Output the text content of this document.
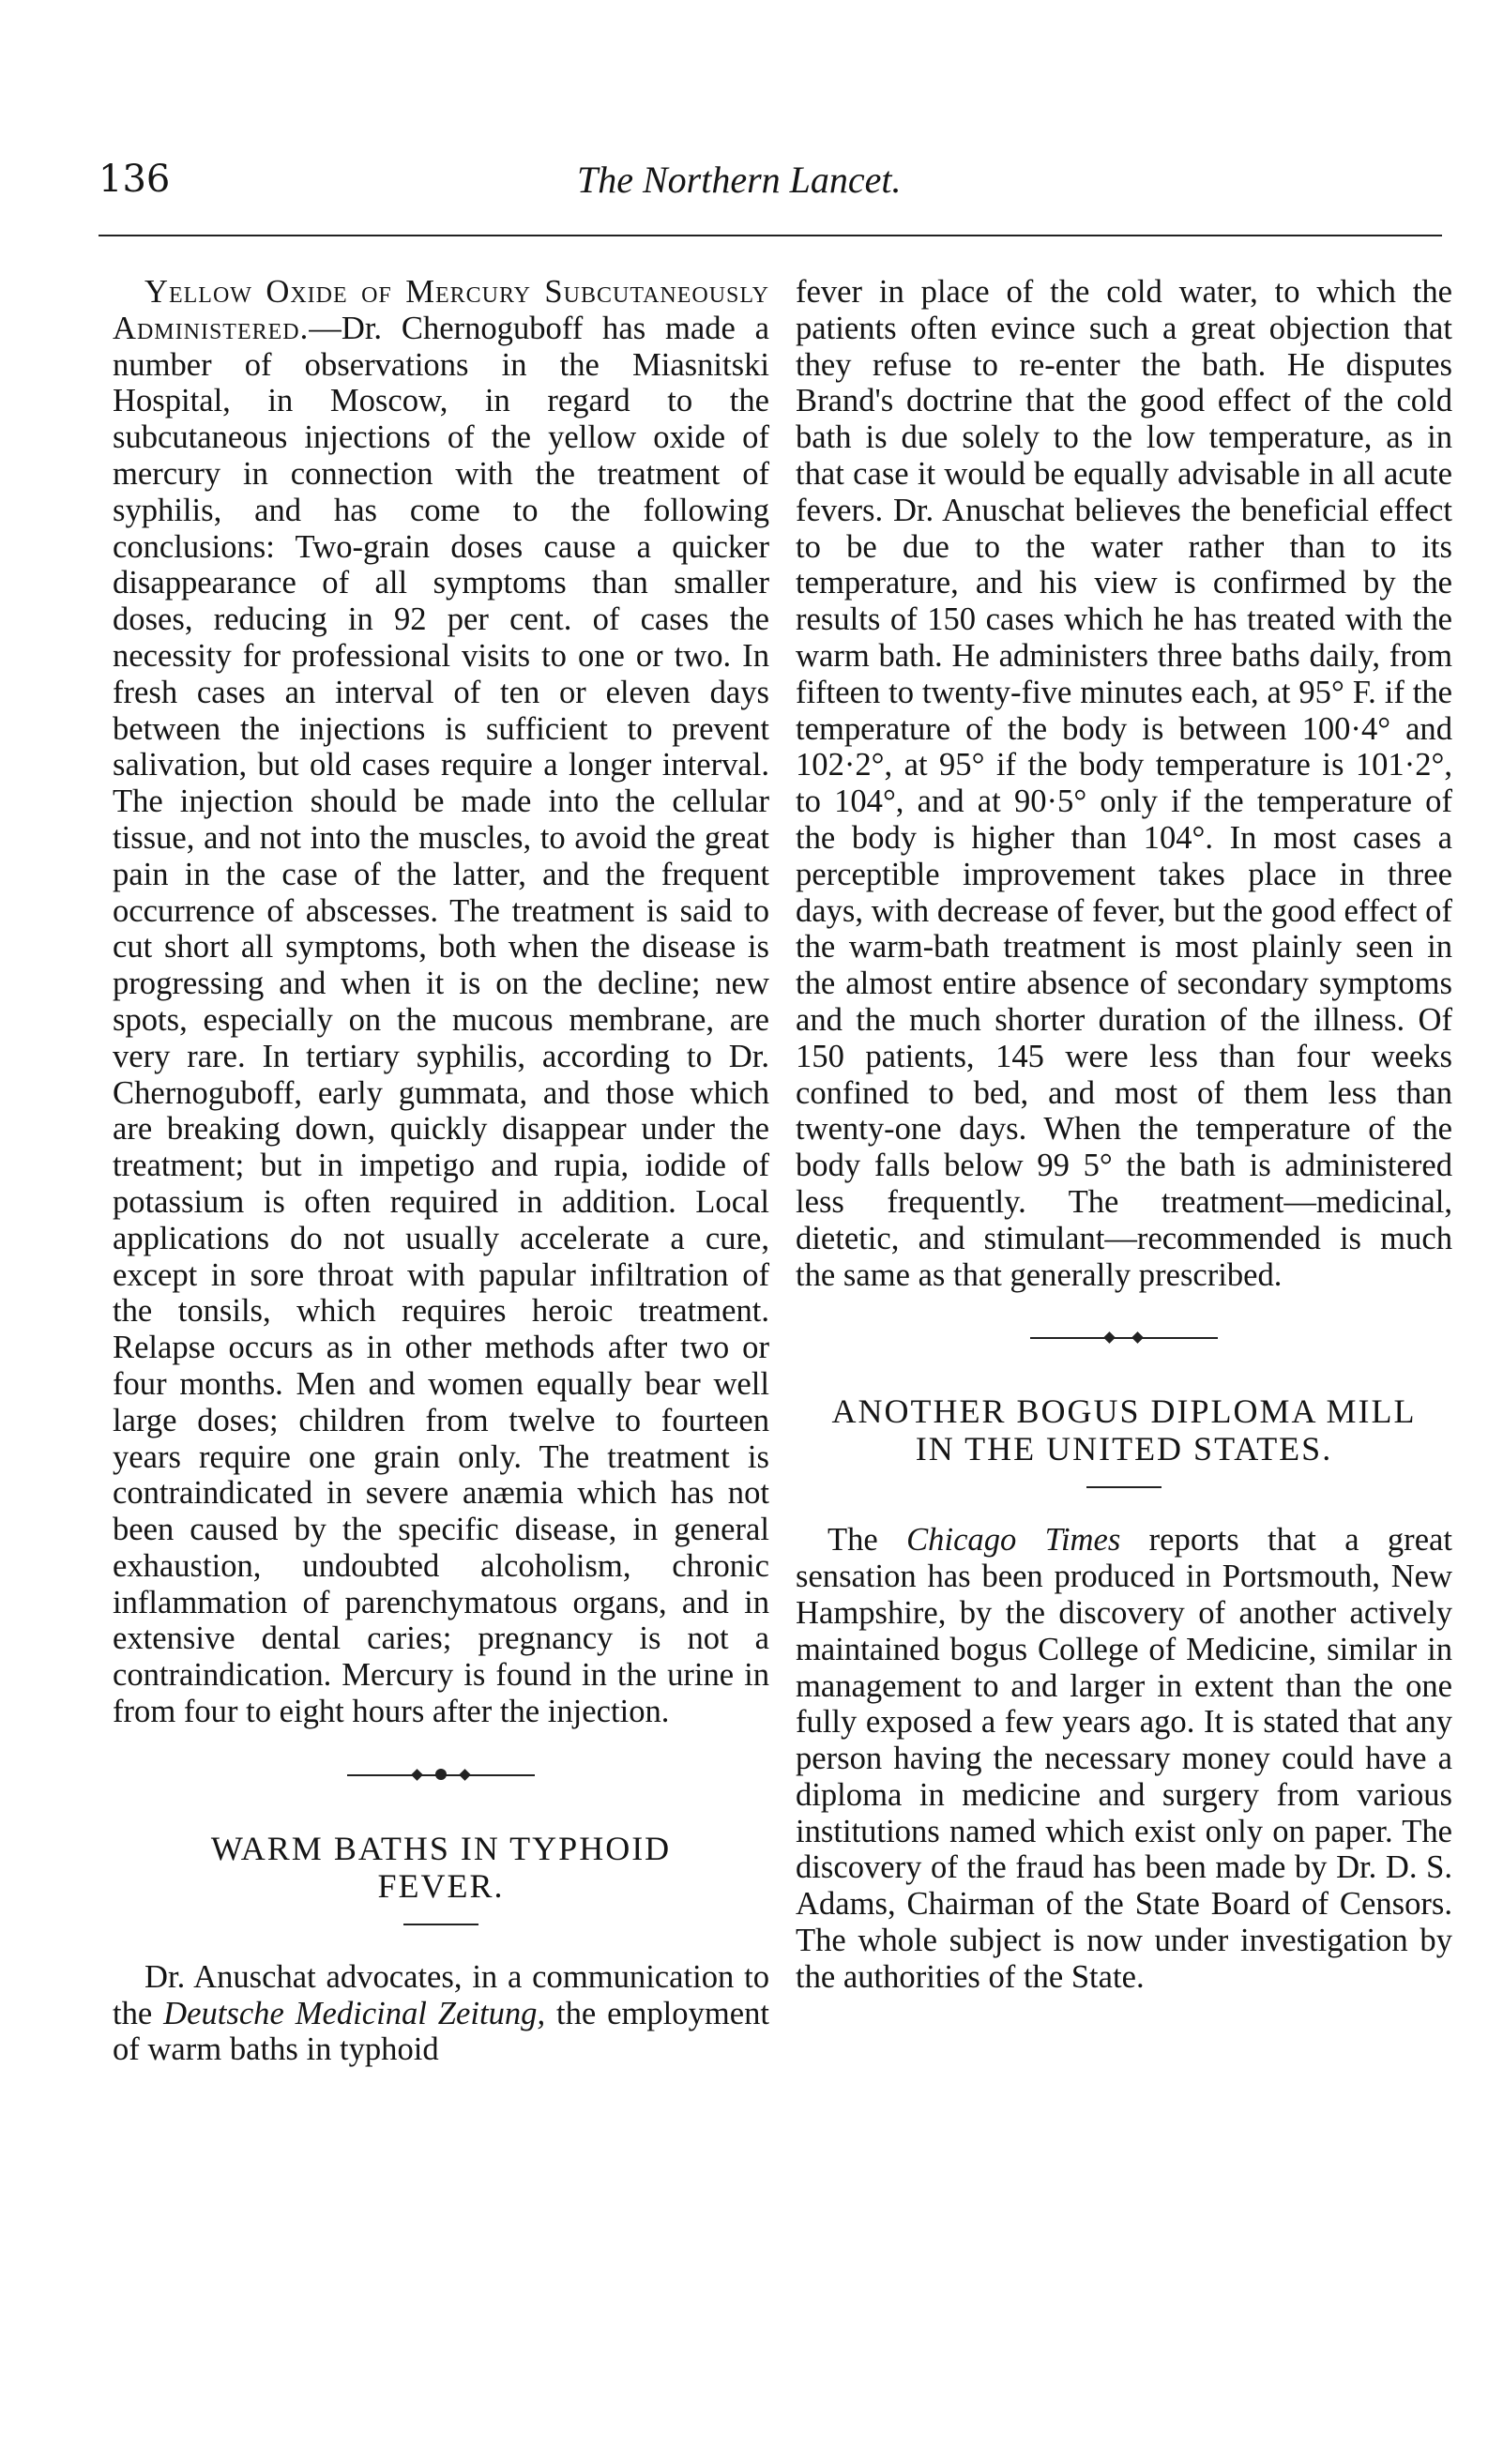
136	The Northern Lancet.

Yellow Oxide of Mercury Subcutaneously Administered.—Dr. Chernoguboff has made a number of observations in the Miasnitski Hospital, in Moscow, in regard to the subcutaneous injections of the yellow oxide of mercury in connection with the treatment of syphilis, and has come to the following conclusions: Two-grain doses cause a quicker disappearance of all symptoms than smaller doses, reducing in 92 per cent. of cases the necessity for professional visits to one or two. In fresh cases an interval of ten or eleven days between the injections is sufficient to prevent salivation, but old cases require a longer interval. The injection should be made into the cellular tissue, and not into the muscles, to avoid the great pain in the case of the latter, and the frequent occurrence of abscesses. The treatment is said to cut short all symptoms, both when the disease is progressing and when it is on the decline; new spots, especially on the mucous membrane, are very rare. In tertiary syphilis, according to Dr. Chernoguboff, early gummata, and those which are breaking down, quickly disappear under the treatment; but in impetigo and rupia, iodide of potassium is often required in addition. Local applications do not usually accelerate a cure, except in sore throat with papular infiltration of the tonsils, which requires heroic treatment. Relapse occurs as in other methods after two or four months. Men and women equally bear well large doses; children from twelve to fourteen years require one grain only. The treatment is contraindicated in severe anæmia which has not been caused by the specific disease, in general exhaustion, undoubted alcoholism, chronic inflammation of parenchymatous organs, and in extensive dental caries; pregnancy is not a contraindication. Mercury is found in the urine in from four to eight hours after the injection.

WARM BATHS IN TYPHOID
FEVER.

Dr. Anuschat advocates, in a communication to the Deutsche Medicinal Zeitung, the employment of warm baths in typhoid

fever in place of the cold water, to which the patients often evince such a great objection that they refuse to re-enter the bath. He disputes Brand's doctrine that the good effect of the cold bath is due solely to the low temperature, as in that case it would be equally advisable in all acute fevers. Dr. Anuschat believes the beneficial effect to be due to the water rather than to its temperature, and his view is confirmed by the results of 150 cases which he has treated with the warm bath. He administers three baths daily, from fifteen to twenty-five minutes each, at 95° F. if the temperature of the body is between 100·4° and 102·2°, at 95° if the body temperature is 101·2°, to 104°, and at 90·5° only if the temperature of the body is higher than 104°. In most cases a perceptible improvement takes place in three days, with decrease of fever, but the good effect of the warm-bath treatment is most plainly seen in the almost entire absence of secondary symptoms and the much shorter duration of the illness. Of 150 patients, 145 were less than four weeks confined to bed, and most of them less than twenty-one days. When the temperature of the body falls below 99 5° the bath is administered less frequently. The treatment—medicinal, dietetic, and stimulant—recommended is much the same as that generally prescribed.

ANOTHER BOGUS DIPLOMA MILL
IN THE UNITED STATES.

The Chicago Times reports that a great sensation has been produced in Portsmouth, New Hampshire, by the discovery of another actively maintained bogus College of Medicine, similar in management to and larger in extent than the one fully exposed a few years ago. It is stated that any person having the necessary money could have a diploma in medicine and surgery from various institutions named which exist only on paper. The discovery of the fraud has been made by Dr. D. S. Adams, Chairman of the State Board of Censors. The whole subject is now under investigation by the authorities of the State.
